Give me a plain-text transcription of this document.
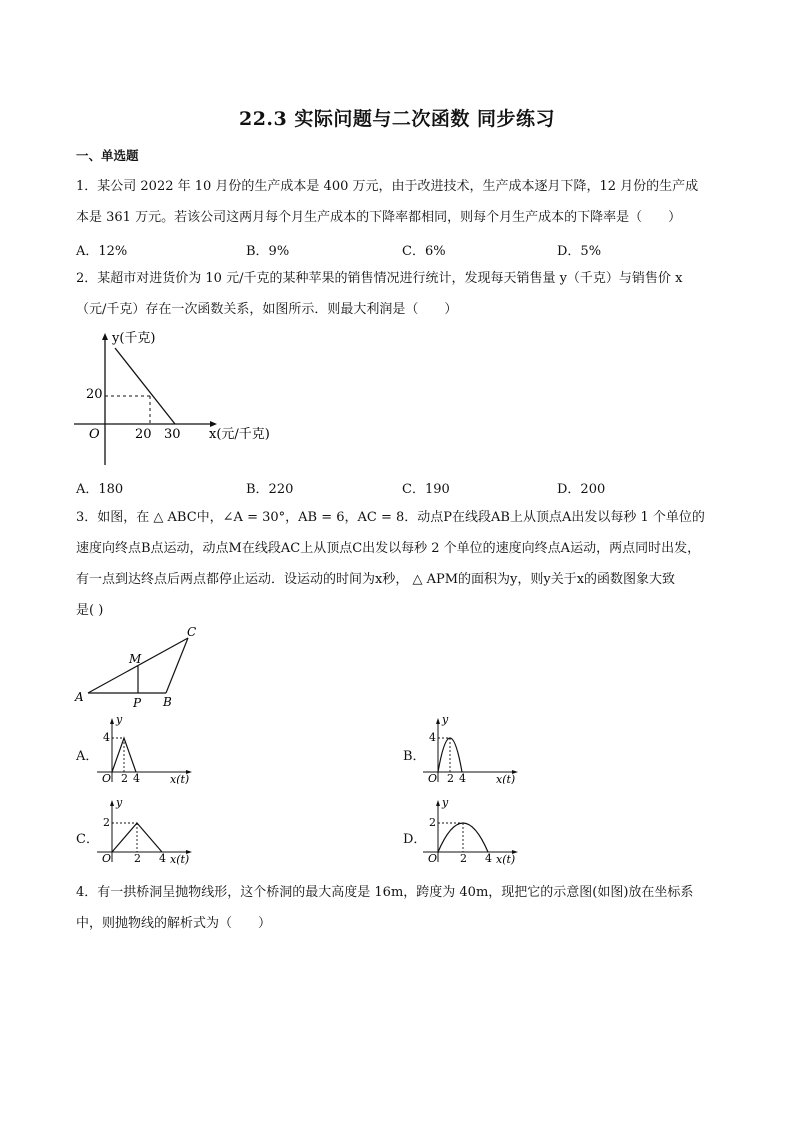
22.3 实际问题与二次函数 同步练习
一、单选题
1．某公司 2022 年 10 月份的生产成本是 400 万元，由于改进技术，生产成本逐月下降，12 月份的生产成
本是 361 万元。若该公司这两月每个月生产成本的下降率都相同，则每个月生产成本的下降率是（　　）
A．12%	B．9%	C．6%	D．5%
2．某超市对进货价为 10 元/千克的某种苹果的销售情况进行统计，发现每天销售量 y（千克）与销售价 x
（元/千克）存在一次函数关系，如图所示．则最大利润是（　　）
y(千克)
x(元/千克)
O
20
20 30
A．180	B．220	C．190	D．200
3．如图，在 △ ABC中，∠A = 30°，AB = 6，AC = 8．动点P在线段AB上从顶点A出发以每秒 1 个单位的
速度向终点B点运动，动点M在线段AC上从顶点C出发以每秒 2 个单位的速度向终点A运动，两点同时出发，
有一点到达终点后两点都停止运动．设运动的时间为x秒， △ APM的面积为y，则y关于x的函数图象大致
是( )
A	B
C
M
P
A．
y
4
O 2 4	x(t)
B．
y
4
O 2 4	x(t)
C．
y
2
O 2 4 x(t)
D．
y
2
O 2 4 x(t)
4．有一拱桥洞呈抛物线形，这个桥洞的最大高度是 16m，跨度为 40m，现把它的示意图(如图)放在坐标系
中，则抛物线的解析式为（　　）
